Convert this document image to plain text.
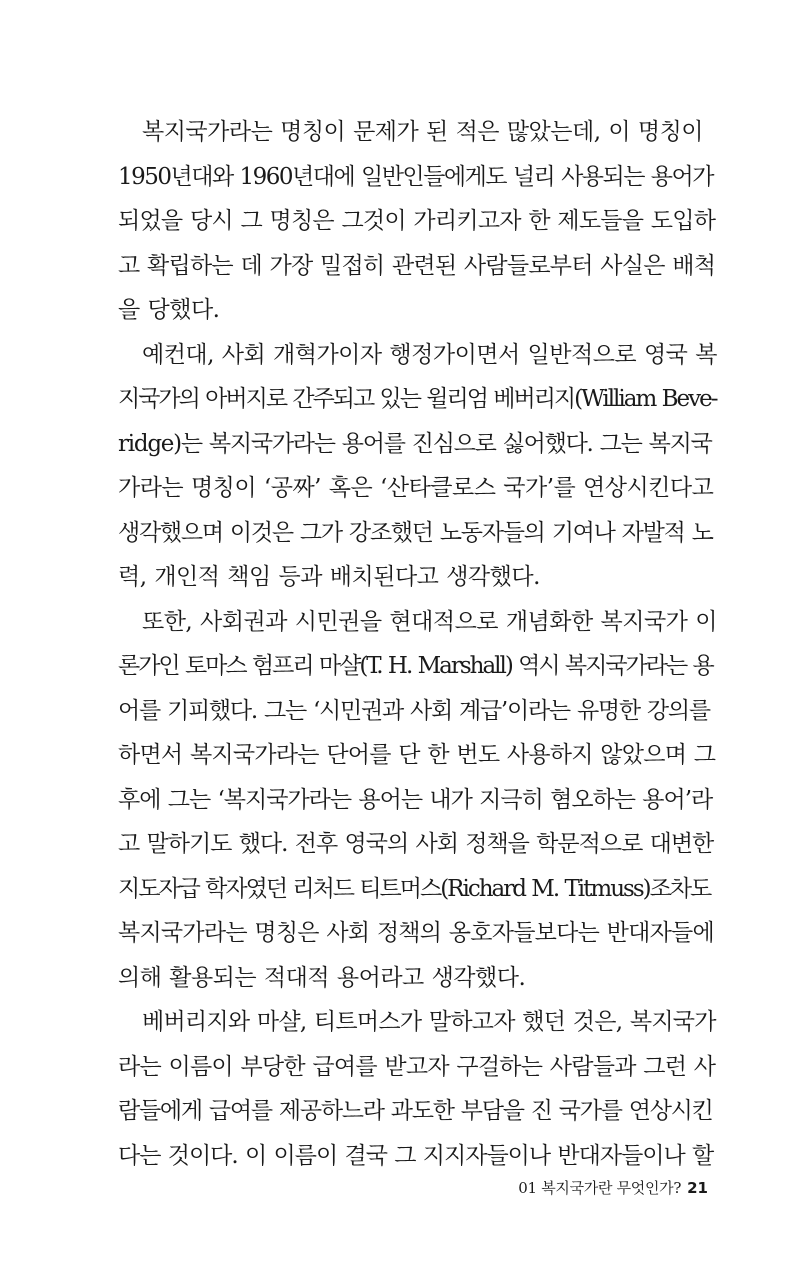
복지국가라는 명칭이 문제가 된 적은 많았는데, 이 명칭이
1950년대와 1960년대에 일반인들에게도 널리 사용되는 용어가
되었을 당시 그 명칭은 그것이 가리키고자 한 제도들을 도입하
고 확립하는 데 가장 밀접히 관련된 사람들로부터 사실은 배척
을 당했다.
예컨대, 사회 개혁가이자 행정가이면서 일반적으로 영국 복
지국가의 아버지로 간주되고 있는 윌리엄 베버리지(William Beve-
ridge)는 복지국가라는 용어를 진심으로 싫어했다. 그는 복지국
가라는 명칭이 ‘공짜’ 혹은 ‘산타클로스 국가’를 연상시킨다고
생각했으며 이것은 그가 강조했던 노동자들의 기여나 자발적 노
력, 개인적 책임 등과 배치된다고 생각했다.
또한, 사회권과 시민권을 현대적으로 개념화한 복지국가 이
론가인 토마스 험프리 마샬(T. H. Marshall) 역시 복지국가라는 용
어를 기피했다. 그는 ‘시민권과 사회 계급’이라는 유명한 강의를
하면서 복지국가라는 단어를 단 한 번도 사용하지 않았으며 그
후에 그는 ‘복지국가라는 용어는 내가 지극히 혐오하는 용어’라
고 말하기도 했다. 전후 영국의 사회 정책을 학문적으로 대변한
지도자급 학자였던 리처드 티트머스(Richard M. Titmuss)조차도
복지국가라는 명칭은 사회 정책의 옹호자들보다는 반대자들에
의해 활용되는 적대적 용어라고 생각했다.
베버리지와 마샬, 티트머스가 말하고자 했던 것은, 복지국가
라는 이름이 부당한 급여를 받고자 구걸하는 사람들과 그런 사
람들에게 급여를 제공하느라 과도한 부담을 진 국가를 연상시킨
다는 것이다. 이 이름이 결국 그 지지자들이나 반대자들이나 할
01 복지국가란 무엇인가? 21
